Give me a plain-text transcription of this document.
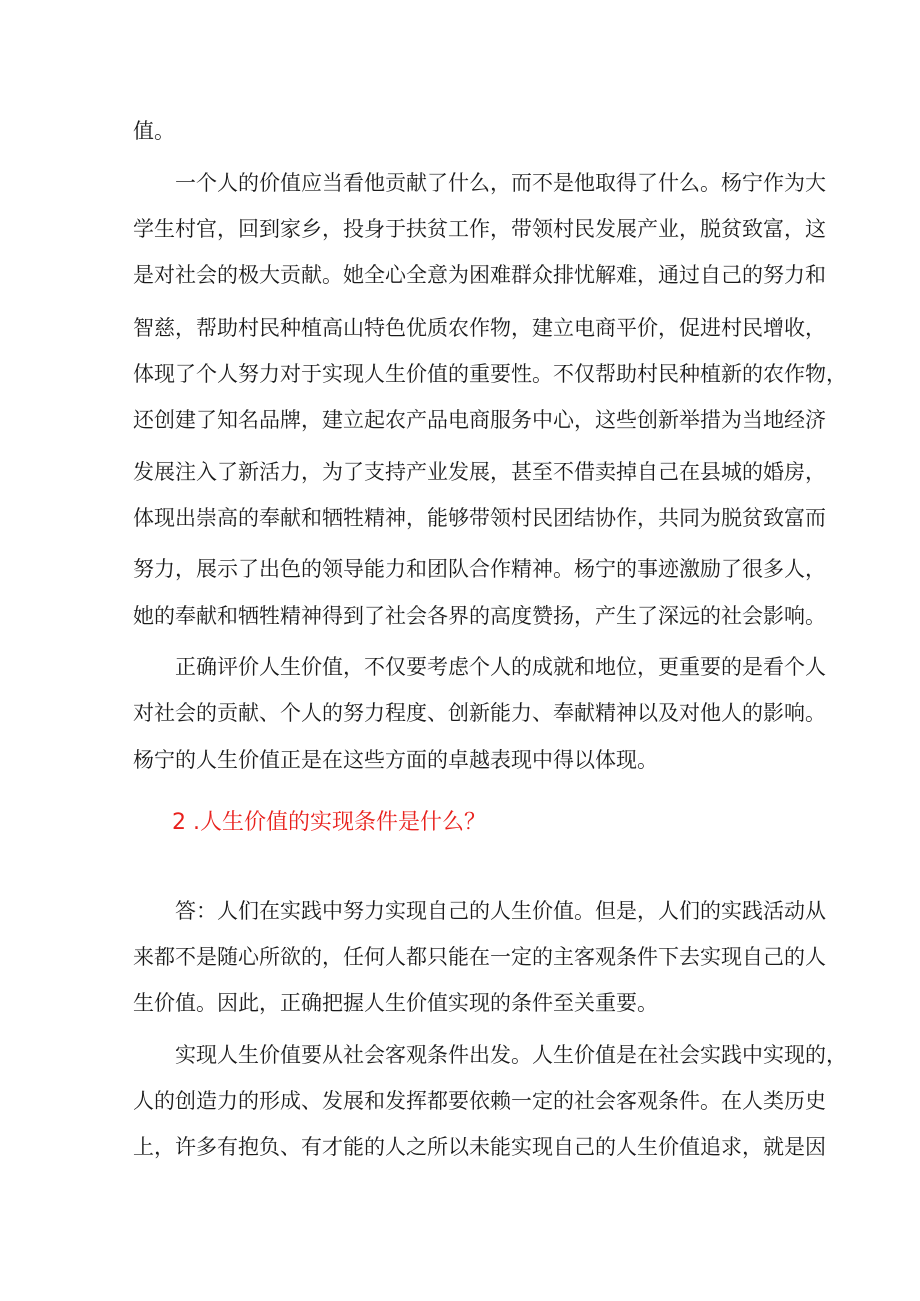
值。
一个人的价值应当看他贡献了什么，而不是他取得了什么。杨宁作为大
学生村官，回到家乡，投身于扶贫工作，带领村民发展产业，脱贫致富，这
是对社会的极大贡献。她全心全意为困难群众排忧解难，通过自己的努力和
智慈，帮助村民种植高山特色优质农作物，建立电商平价，促进村民增收，
体现了个人努力对于实现人生价值的重要性。不仅帮助村民种植新的农作物，
还创建了知名品牌，建立起农产品电商服务中心，这些创新举措为当地经济
发展注入了新活力，为了支持产业发展，甚至不借卖掉自己在县城的婚房，
体现出崇高的奉献和牺牲精神，能够带领村民团结协作，共同为脱贫致富而
努力，展示了出色的领导能力和团队合作精神。杨宁的事迹激励了很多人，
她的奉献和牺牲精神得到了社会各界的高度赞扬，产生了深远的社会影响。
正确评价人生价值，不仅要考虑个人的成就和地位，更重要的是看个人
对社会的贡献、个人的努力程度、创新能力、奉献精神以及对他人的影响。
杨宁的人生价值正是在这些方面的卓越表现中得以体现。
2 .人生价值的实现条件是什么？
答：人们在实践中努力实现自己的人生价值。但是，人们的实践活动从
来都不是随心所欲的，任何人都只能在一定的主客观条件下去实现自己的人
生价值。因此，正确把握人生价值实现的条件至关重要。
实现人生价值要从社会客观条件出发。人生价值是在社会实践中实现的，
人的创造力的形成、发展和发挥都要依赖一定的社会客观条件。在人类历史
上，许多有抱负、有才能的人之所以未能实现自己的人生价值追求，就是因
